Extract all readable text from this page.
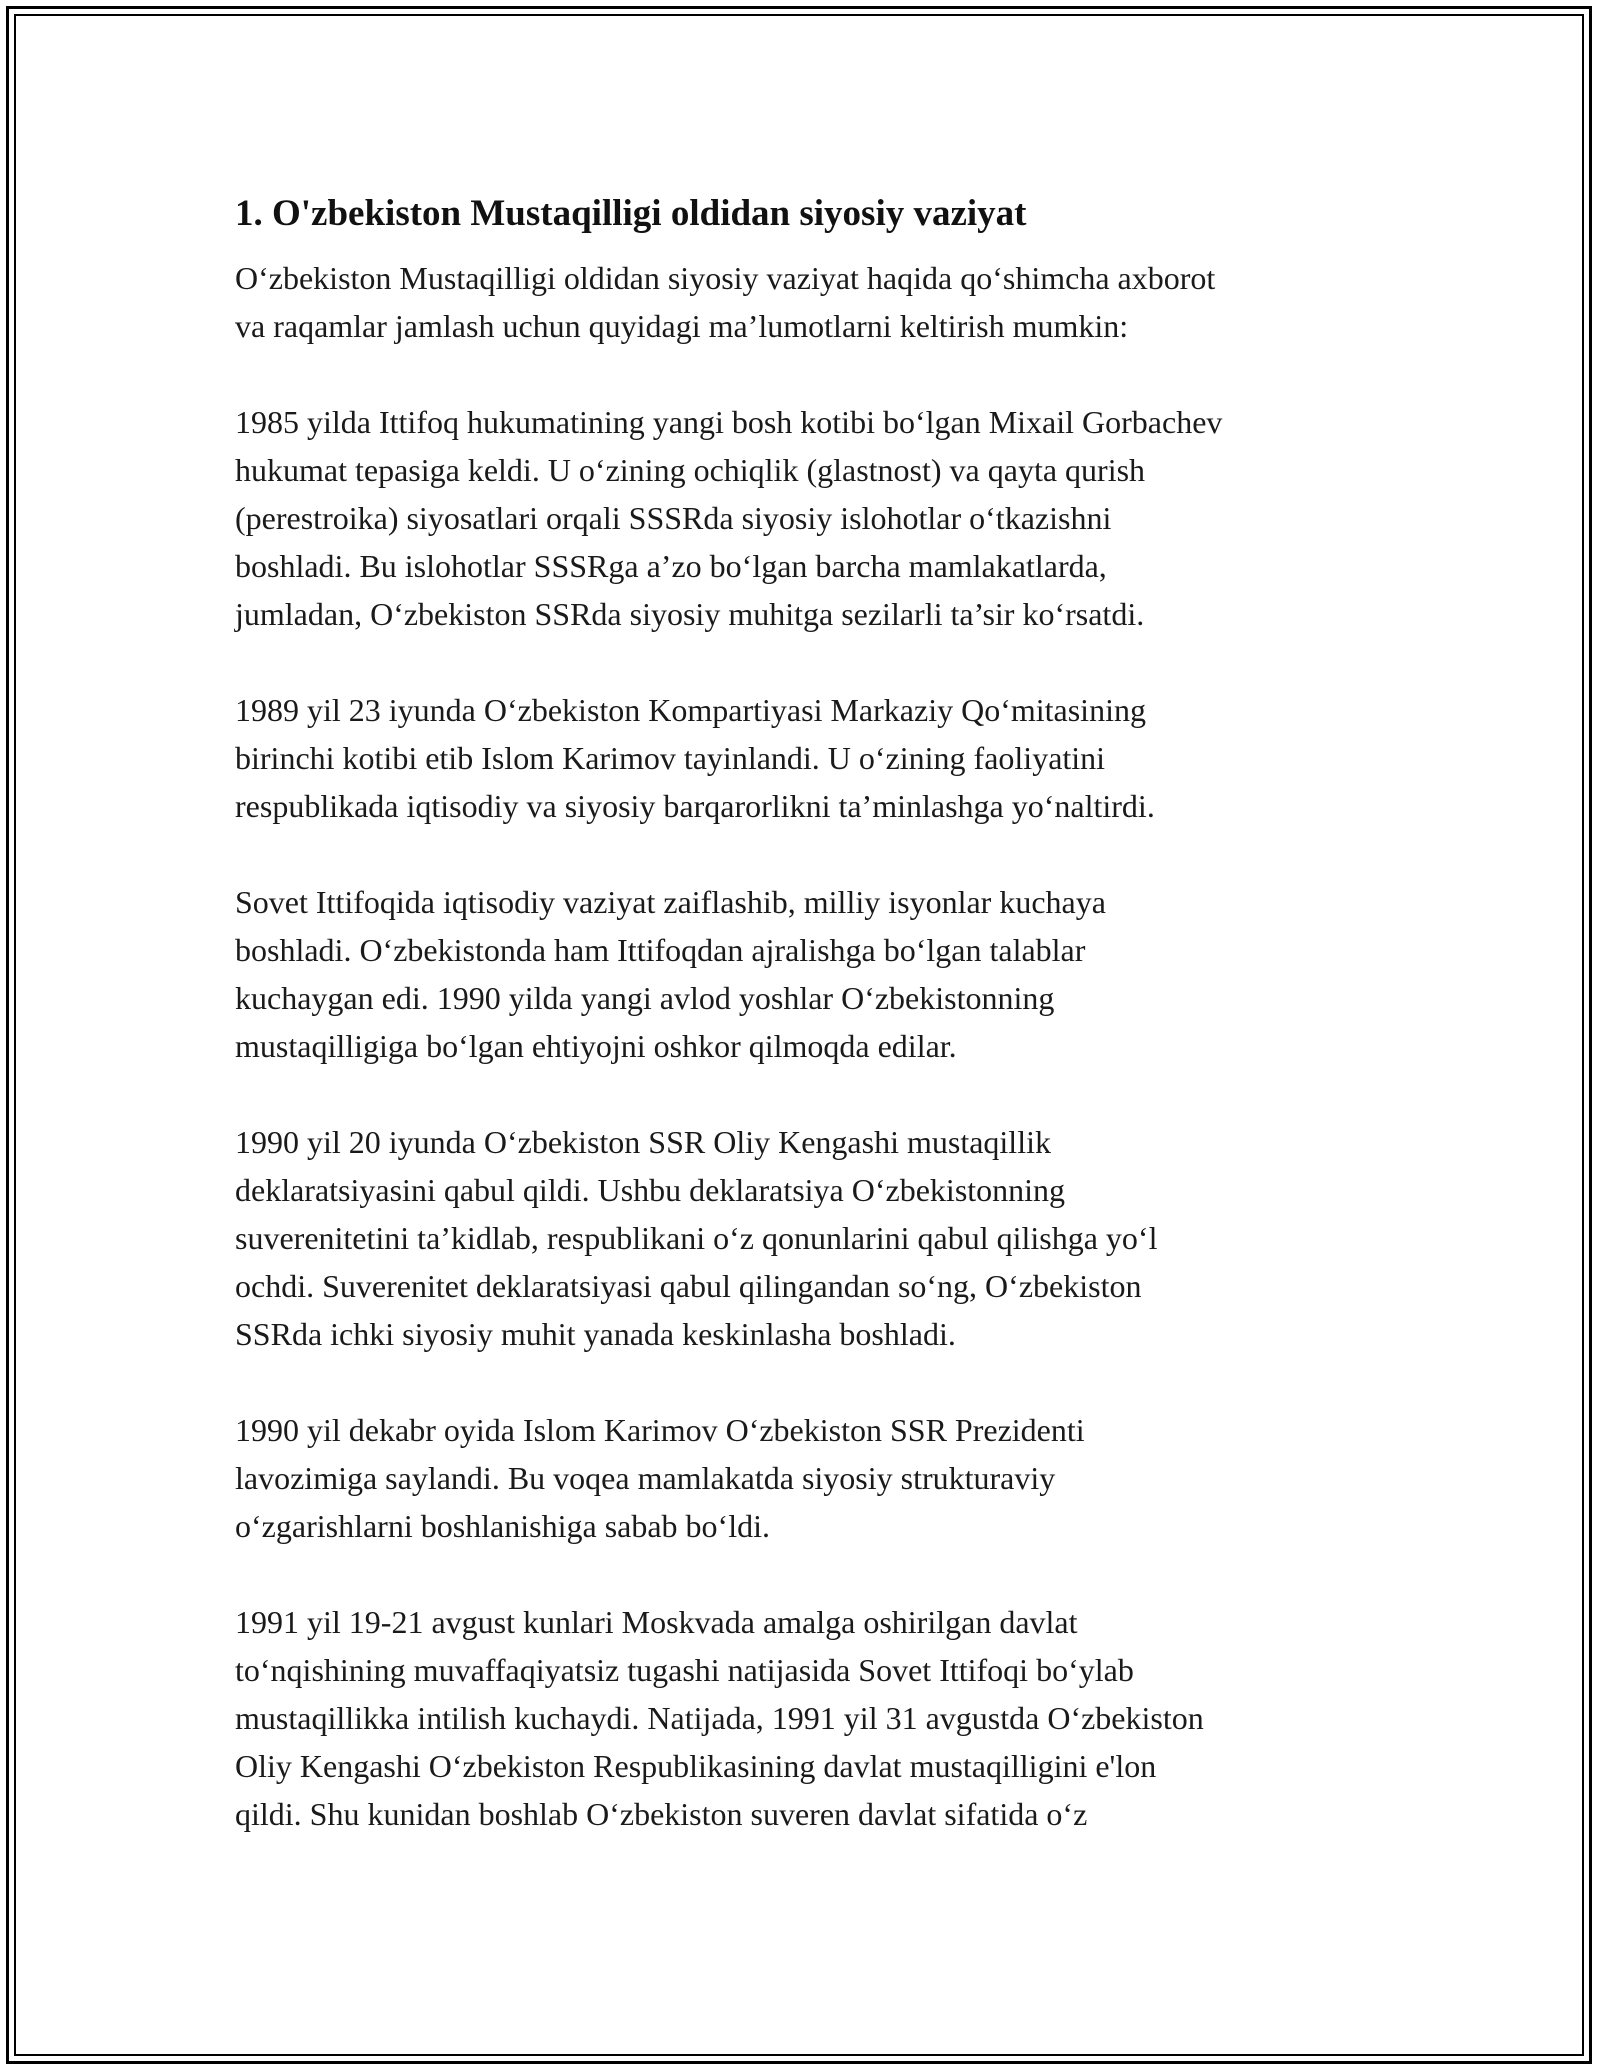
1. O'zbekiston Mustaqilligi oldidan siyosiy vaziyat

O‘zbekiston Mustaqilligi oldidan siyosiy vaziyat haqida qo‘shimcha axborot
va raqamlar jamlash uchun quyidagi ma’lumotlarni keltirish mumkin:

1985 yilda Ittifoq hukumatining yangi bosh kotibi bo‘lgan Mixail Gorbachev
hukumat tepasiga keldi. U o‘zining ochiqlik (glastnost) va qayta qurish
(perestroika) siyosatlari orqali SSSRda siyosiy islohotlar o‘tkazishni
boshladi. Bu islohotlar SSSRga a’zo bo‘lgan barcha mamlakatlarda,
jumladan, O‘zbekiston SSRda siyosiy muhitga sezilarli ta’sir ko‘rsatdi.

1989 yil 23 iyunda O‘zbekiston Kompartiyasi Markaziy Qo‘mitasining
birinchi kotibi etib Islom Karimov tayinlandi. U o‘zining faoliyatini
respublikada iqtisodiy va siyosiy barqarorlikni ta’minlashga yo‘naltirdi.

Sovet Ittifoqida iqtisodiy vaziyat zaiflashib, milliy isyonlar kuchaya
boshladi. O‘zbekistonda ham Ittifoqdan ajralishga bo‘lgan talablar
kuchaygan edi. 1990 yilda yangi avlod yoshlar O‘zbekistonning
mustaqilligiga bo‘lgan ehtiyojni oshkor qilmoqda edilar.

1990 yil 20 iyunda O‘zbekiston SSR Oliy Kengashi mustaqillik
deklaratsiyasini qabul qildi. Ushbu deklaratsiya O‘zbekistonning
suverenitetini ta’kidlab, respublikani o‘z qonunlarini qabul qilishga yo‘l
ochdi. Suverenitet deklaratsiyasi qabul qilingandan so‘ng, O‘zbekiston
SSRda ichki siyosiy muhit yanada keskinlasha boshladi.

1990 yil dekabr oyida Islom Karimov O‘zbekiston SSR Prezidenti
lavozimiga saylandi. Bu voqea mamlakatda siyosiy strukturaviy
o‘zgarishlarni boshlanishiga sabab bo‘ldi.

1991 yil 19-21 avgust kunlari Moskvada amalga oshirilgan davlat
to‘nqishining muvaffaqiyatsiz tugashi natijasida Sovet Ittifoqi bo‘ylab
mustaqillikka intilish kuchaydi. Natijada, 1991 yil 31 avgustda O‘zbekiston
Oliy Kengashi O‘zbekiston Respublikasining davlat mustaqilligini e'lon
qildi. Shu kunidan boshlab O‘zbekiston suveren davlat sifatida o‘z
